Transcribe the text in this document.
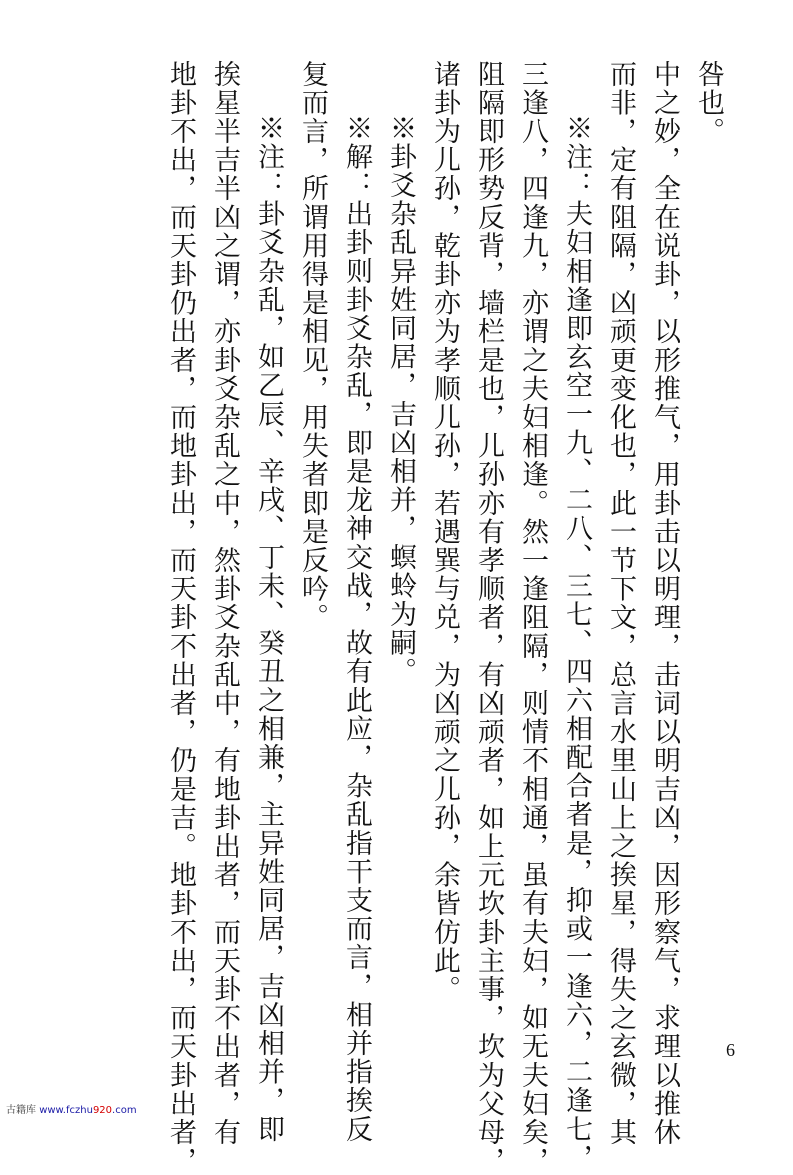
咎也。
中之妙，全在说卦，以形推气，用卦击以明理，击词以明吉凶，因形察气，求理以推休
而非，定有阻隔，凶顽更变化也，此一节下文，总言水里山上之挨星，得失之玄微，其
※注：夫妇相逢即玄空一九、二八、三七、四六相配合者是，抑或一逢六，二逢七，
三逢八，四逢九，亦谓之夫妇相逢。然一逢阻隔，则情不相通，虽有夫妇，如无夫妇矣，
阻隔即形势反背，墙栏是也，儿孙亦有孝顺者，有凶顽者，如上元坎卦主事，坎为父母，
诸卦为儿孙，乾卦亦为孝顺儿孙，若遇巽与兑，为凶顽之儿孙，余皆仿此。
※卦爻杂乱异姓同居，吉凶相并，螟蛉为嗣。
※解：出卦则卦爻杂乱，即是龙神交战，故有此应，杂乱指干支而言，相并指挨反
复而言，所谓用得是相见，用失者即是反吟。
※注：卦爻杂乱，如乙辰、辛戌、丁未、癸丑之相兼，主异姓同居，吉凶相并，即
挨星半吉半凶之谓，亦卦爻杂乱之中，然卦爻杂乱中，有地卦出者，而天卦不出者，有
地卦不出，而天卦仍出者，而地卦出，而天卦不出者，仍是吉。地卦不出，而天卦出者，	6
古籍库 www.fczhu920.com
